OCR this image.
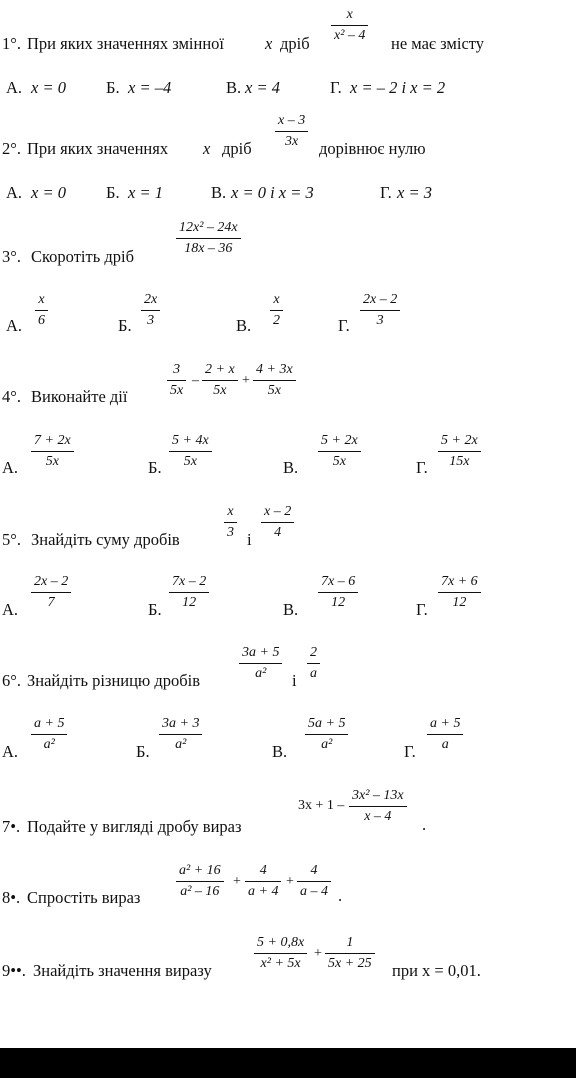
1°. При яких значеннях змінної x дріб
x
x² – 4 не має змісту
А. x = 0 Б. x = –4	В. x = 4	Г. x = – 2 і x = 2
2°. При яких значеннях x дріб
x – 3
3x дорівнює нулю
А. x = 0 Б. x = 1	В. x = 0 і x = 3	Г. x = 3
3°. Скоротіть дріб
12x² – 24x
18x – 36
А.
x
6	Б.
2x
3	В.
x
2	Г.
2x – 2
3
4°. Виконайте дії
3
5x
–
2 + x
5x
+
4 + 3x
5x
А.
7 + 2x
5x	Б.
5 + 4x
5x	В.
5 + 2x
5x	Г.
5 + 2x
15x
5°. Знайдіть суму дробів
x
3 і
x – 2
4
А.
2x – 2
7	Б.
7x – 2
12	В.
7x – 6
12	Г.
7x + 6
12
6°. Знайдіть різницю дробів
3a + 5
a² і
2
a
А.
a + 5
a²	Б.
3a + 3
a²	В.
5a + 5
a²	Г.
a + 5
a
7•. Подайте у вигляді дробу вираз
3x + 1 –
3x² – 13x
x – 4 .
8•. Спростіть вираз
a² + 16
a² – 16
+
4
a + 4
+
4
a – 4 .
9••. Знайдіть значення виразу
5 + 0,8x
x² + 5x
+
1
5x + 25 при x = 0,01.
